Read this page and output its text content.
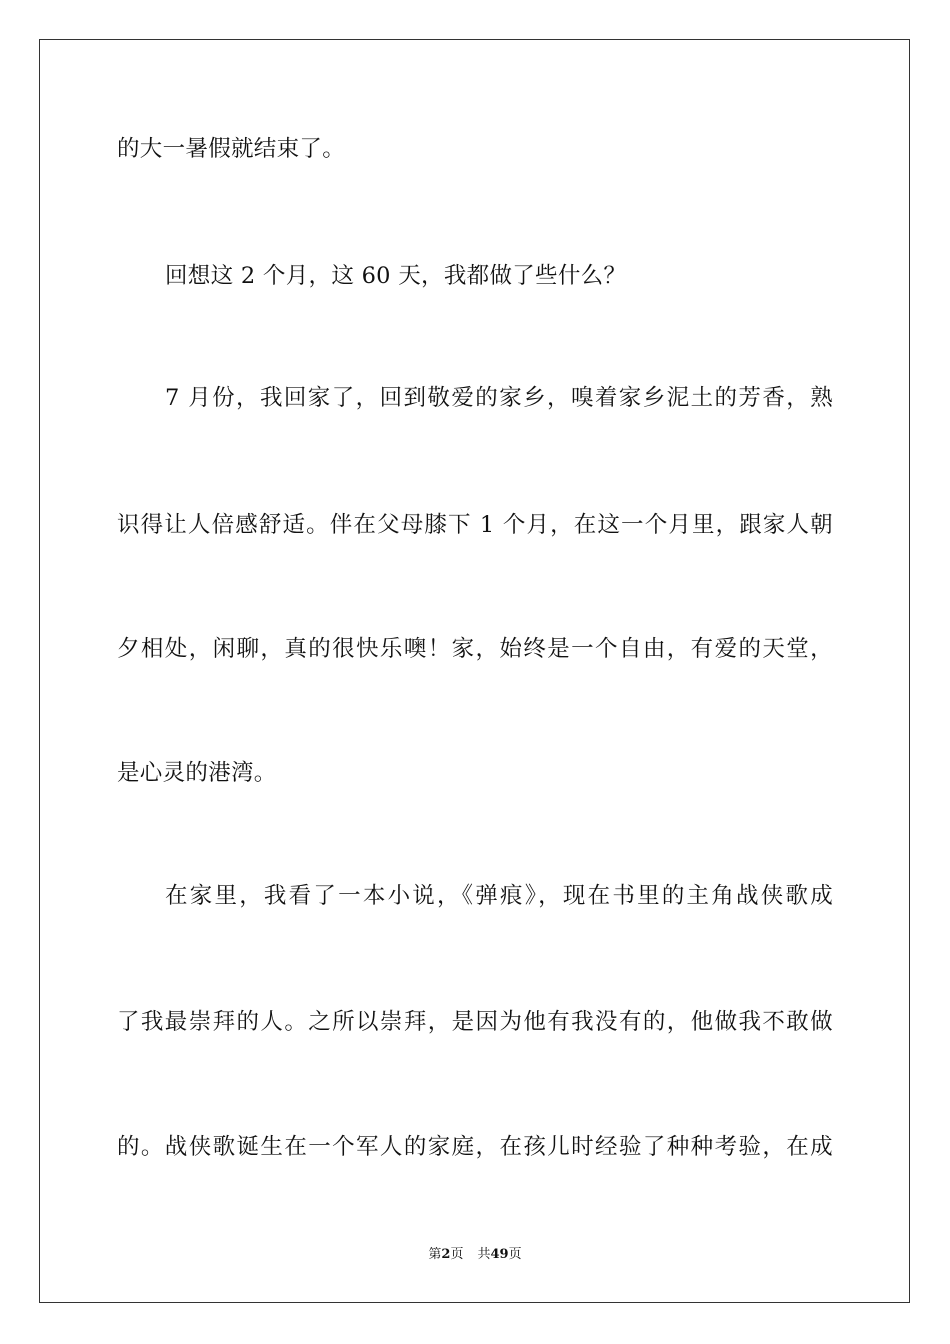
的大一暑假就结束了。
回想这 2 个月，这 60 天，我都做了些什么？
7 月份，我回家了，回到敬爱的家乡，嗅着家乡泥土的芳香，熟
识得让人倍感舒适。伴在父母膝下 1 个月，在这一个月里，跟家人朝
夕相处，闲聊，真的很快乐噢！家，始终是一个自由，有爱的天堂，
是心灵的港湾。
在家里，我看了一本小说，《弹痕》，现在书里的主角战侠歌成
了我最崇拜的人。之所以崇拜，是因为他有我没有的，他做我不敢做
的。战侠歌诞生在一个军人的家庭，在孩儿时经验了种种考验，在成
第2页 共49页
